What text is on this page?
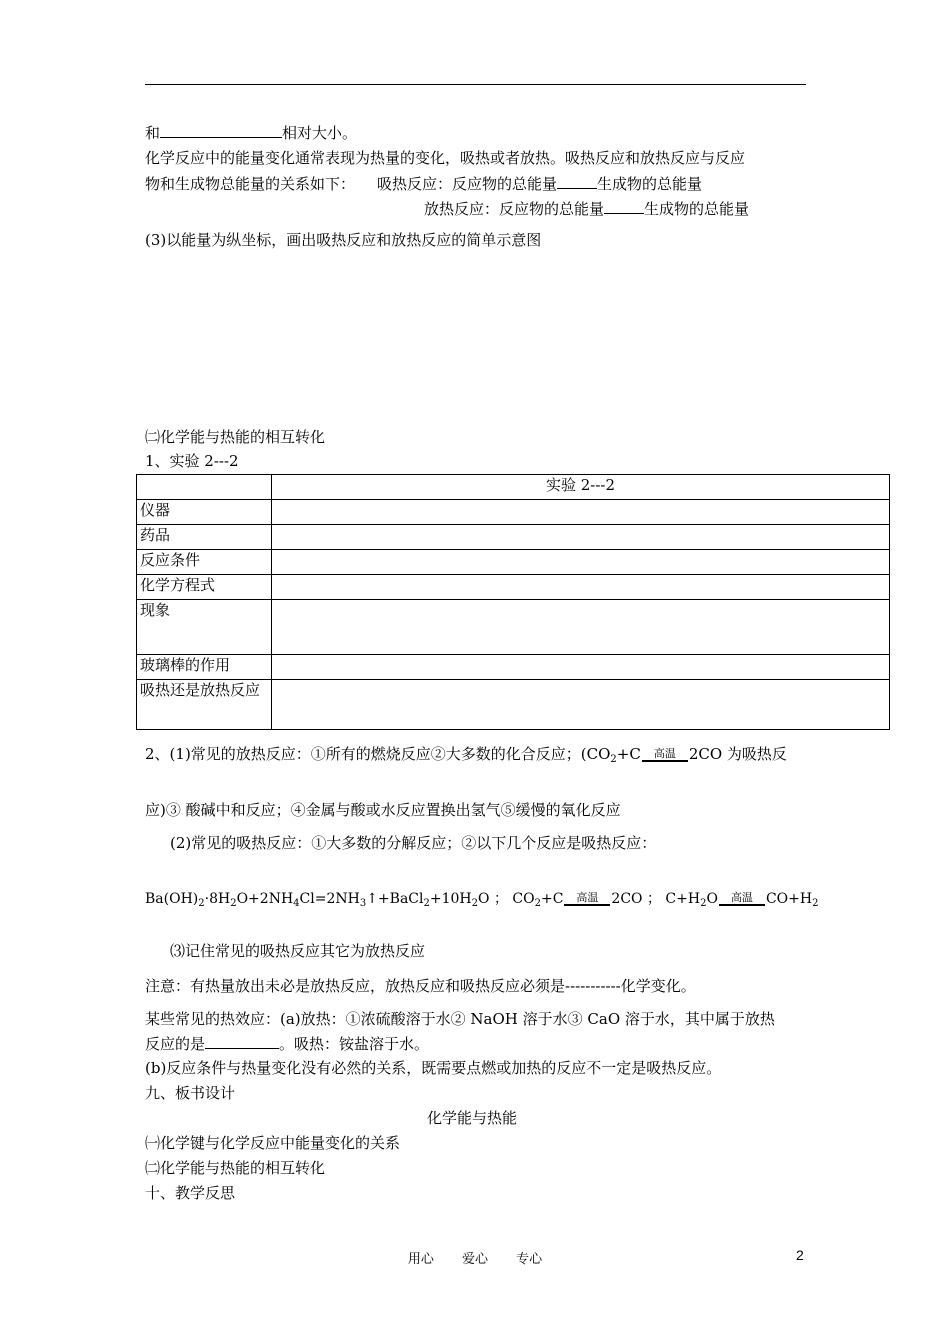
和	相对大小。
化学反应中的能量变化通常表现为热量的变化，吸热或者放热。吸热反应和放热反应与反应
物和生成物总能量的关系如下： 吸热反应：反应物的总能量	生成物的总能量
放热反应：反应物的总能量	生成物的总能量
(3)以能量为纵坐标，画出吸热反应和放热反应的简单示意图
㈡化学能与热能的相互转化
1、实验 2---2
	实验 2---2
仪器	
药品	
反应条件	
化学方程式	
现象	
玻璃棒的作用	
吸热还是放热反应	
2、(1)常见的放热反应：①所有的燃烧反应②大多数的化合反应；($CO_2+C$ 高温 2CO 为吸热反
应)③ 酸碱中和反应；④金属与酸或水反应置换出氢气⑤缓慢的氧化反应
(2)常见的吸热反应：①大多数的分解反应；②以下几个反应是吸热反应：
$Ba(OH)_2\cdot 8H_2O+2NH_4Cl=2NH_3↑+BaCl_2+10H_2O$ ； $CO_2+C$ 高温 2CO ； $C+H_2O$ 高温 $CO+H_2$
⑶记住常见的吸热反应其它为放热反应
注意：有热量放出未必是放热反应，放热反应和吸热反应必须是-----------化学变化。
某些常见的热效应：(a)放热：①浓硫酸溶于水② NaOH 溶于水③ CaO 溶于水，其中属于放热
反应的是	。吸热：铵盐溶于水。
(b)反应条件与热量变化没有必然的关系，既需要点燃或加热的反应不一定是吸热反应。
九、板书设计
化学能与热能
㈠化学键与化学反应中能量变化的关系
㈡化学能与热能的相互转化
十、教学反思
用心 爱心 专心	2
